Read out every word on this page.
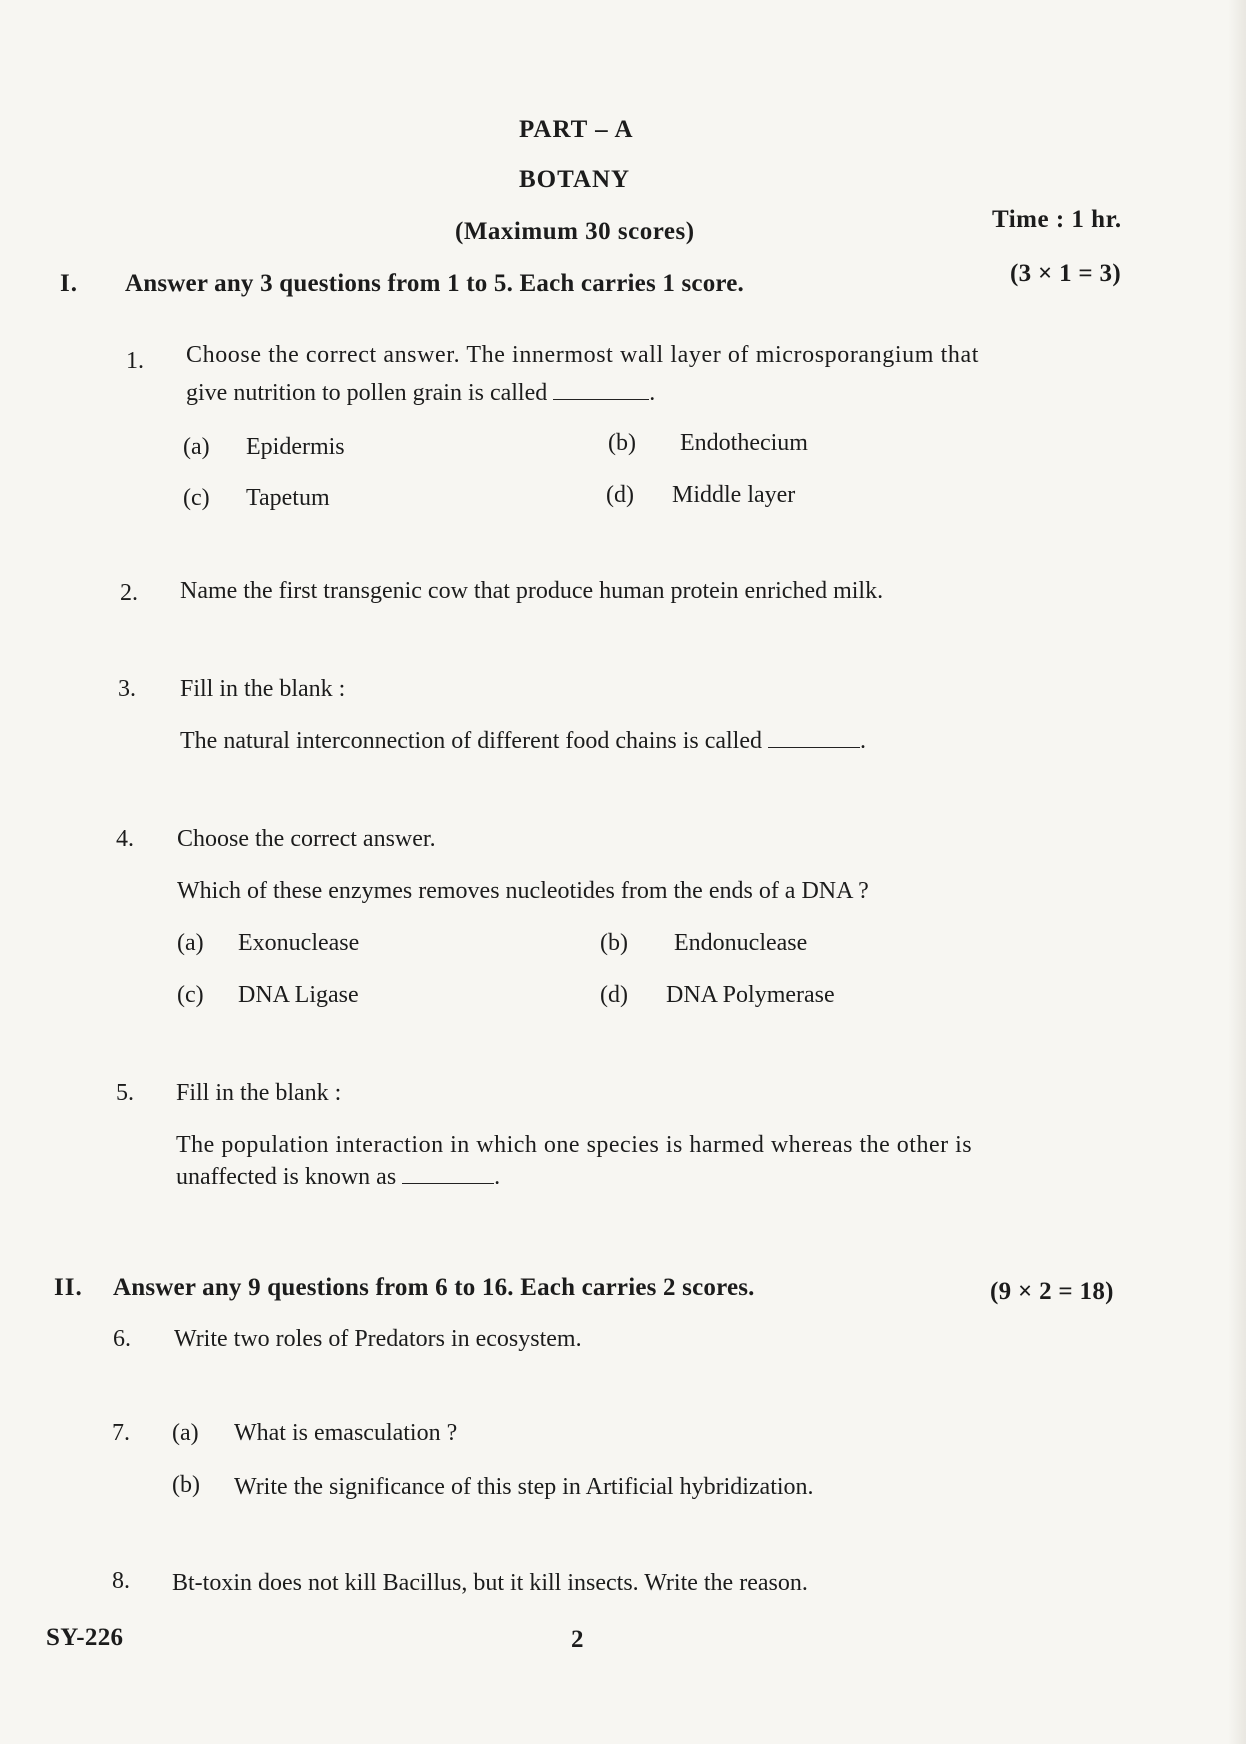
PART – A
BOTANY
(Maximum 30 scores)	Time : 1 hr.
I. Answer any 3 questions from 1 to 5. Each carries 1 score.	(3 × 1 = 3)
1. Choose the correct answer. The innermost wall layer of microsporangium that
give nutrition to pollen grain is called	.
(a) Epidermis	(b) Endothecium
(c) Tapetum	(d) Middle layer
2. Name the first transgenic cow that produce human protein enriched milk.
3. Fill in the blank :
The natural interconnection of different food chains is called	.
4. Choose the correct answer.
Which of these enzymes removes nucleotides from the ends of a DNA ?
(a) Exonuclease	(b) Endonuclease
(c) DNA Ligase	(d) DNA Polymerase
5. Fill in the blank :
The population interaction in which one species is harmed whereas the other is
unaffected is known as	.
II. Answer any 9 questions from 6 to 16. Each carries 2 scores.	(9 × 2 = 18)
6. Write two roles of Predators in ecosystem.
7. (a) What is emasculation ?
(b) Write the significance of this step in Artificial hybridization.
8. Bt-toxin does not kill Bacillus, but it kill insects. Write the reason.
SY-226	2
